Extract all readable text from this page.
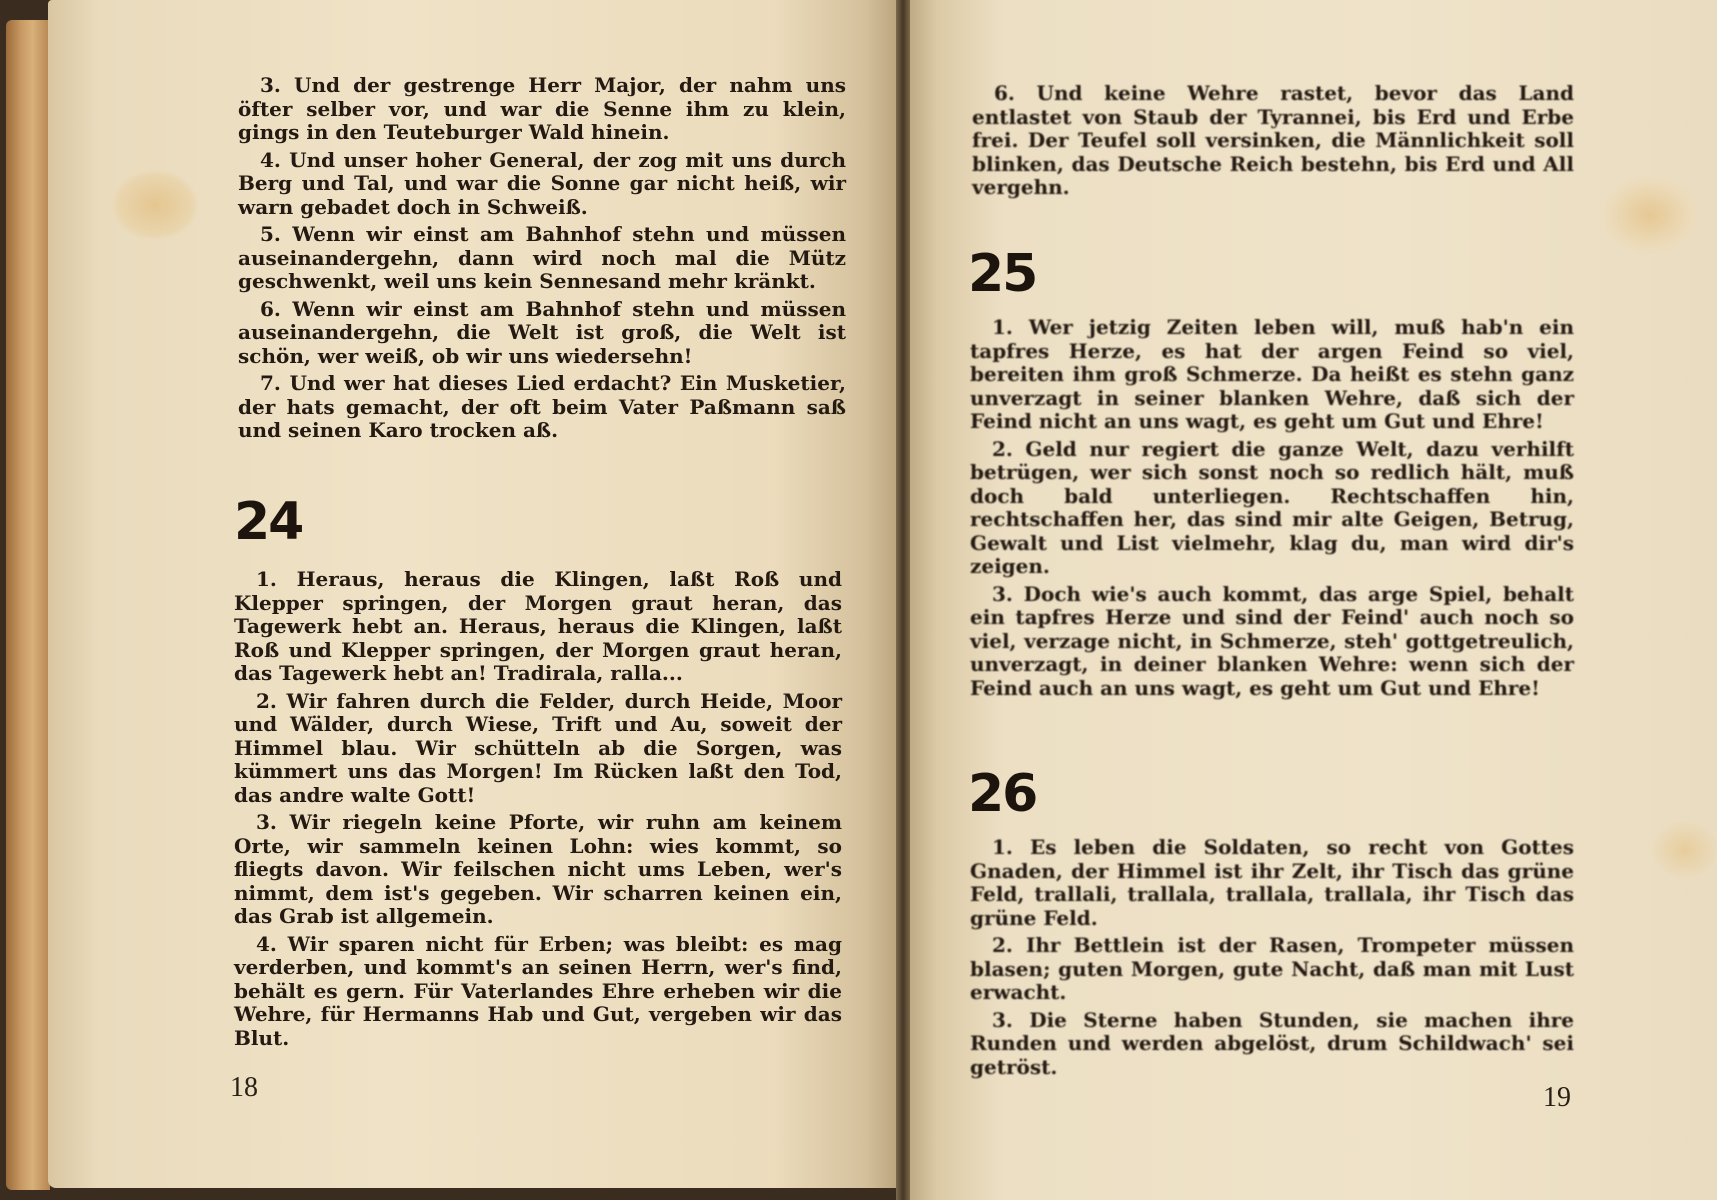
3. Und der gestrenge Herr Major, der nahm uns öfter selber vor, und war die Senne ihm zu klein, gings in den Teuteburger Wald hinein.

4. Und unser hoher General, der zog mit uns durch Berg und Tal, und war die Sonne gar nicht heiß, wir warn gebadet doch in Schweiß.

5. Wenn wir einst am Bahnhof stehn und müssen auseinandergehn, dann wird noch mal die Mütz geschwenkt, weil uns kein Sennesand mehr kränkt.

6. Wenn wir einst am Bahnhof stehn und müssen auseinandergehn, die Welt ist groß, die Welt ist schön, wer weiß, ob wir uns wiedersehn!

7. Und wer hat dieses Lied erdacht? Ein Musketier, der hats gemacht, der oft beim Vater Paßmann saß und seinen Karo trocken aß.

24

1. Heraus, heraus die Klingen, laßt Roß und Klepper springen, der Morgen graut heran, das Tagewerk hebt an. Heraus, heraus die Klingen, laßt Roß und Klepper springen, der Morgen graut heran, das Tagewerk hebt an! Tradirala, ralla...

2. Wir fahren durch die Felder, durch Heide, Moor und Wälder, durch Wiese, Trift und Au, soweit der Himmel blau. Wir schütteln ab die Sorgen, was kümmert uns das Morgen! Im Rücken laßt den Tod, das andre walte Gott!

3. Wir riegeln keine Pforte, wir ruhn am keinem Orte, wir sammeln keinen Lohn: wies kommt, so fliegts davon. Wir feilschen nicht ums Leben, wer's nimmt, dem ist's gegeben. Wir scharren keinen ein, das Grab ist allgemein.

4. Wir sparen nicht für Erben; was bleibt: es mag verderben, und kommt's an seinen Herrn, wer's find, behält es gern. Für Vaterlandes Ehre erheben wir die Wehre, für Hermanns Hab und Gut, vergeben wir das Blut.

18

6. Und keine Wehre rastet, bevor das Land entlastet von Staub der Tyrannei, bis Erd und Erbe frei. Der Teufel soll versinken, die Männlichkeit soll blinken, das Deutsche Reich bestehn, bis Erd und All vergehn.

25

1. Wer jetzig Zeiten leben will, muß hab'n ein tapfres Herze, es hat der argen Feind so viel, bereiten ihm groß Schmerze. Da heißt es stehn ganz unverzagt in seiner blanken Wehre, daß sich der Feind nicht an uns wagt, es geht um Gut und Ehre!

2. Geld nur regiert die ganze Welt, dazu verhilft betrügen, wer sich sonst noch so redlich hält, muß doch bald unterliegen. Rechtschaffen hin, rechtschaffen her, das sind mir alte Geigen, Betrug, Gewalt und List vielmehr, klag du, man wird dir's zeigen.

3. Doch wie's auch kommt, das arge Spiel, behalt ein tapfres Herze und sind der Feind' auch noch so viel, verzage nicht, in Schmerze, steh' gottgetreulich, unverzagt, in deiner blanken Wehre: wenn sich der Feind auch an uns wagt, es geht um Gut und Ehre!

26

1. Es leben die Soldaten, so recht von Gottes Gnaden, der Himmel ist ihr Zelt, ihr Tisch das grüne Feld, trallali, trallala, trallala, trallala, ihr Tisch das grüne Feld.

2. Ihr Bettlein ist der Rasen, Trompeter müssen blasen; guten Morgen, gute Nacht, daß man mit Lust erwacht.

3. Die Sterne haben Stunden, sie machen ihre Runden und werden abgelöst, drum Schildwach' sei getröst.

19
